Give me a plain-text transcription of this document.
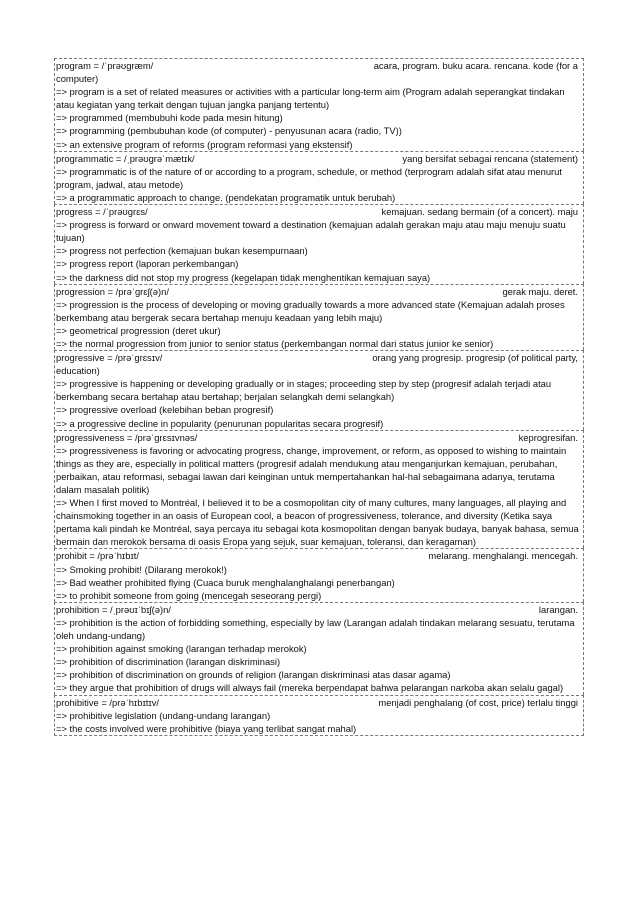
program = /ˈprəʊɡræm/	acara, program. buku acara. rencana. kode (for a
computer)
=> program is a set of related measures or activities with a particular long-term aim (Program adalah seperangkat tindakan atau kegiatan yang terkait dengan tujuan jangka panjang tertentu)
=> programmed (membubuhi kode pada mesin hitung)
=> programming (pembubuhan kode (of computer) - penyusunan acara (radio, TV))
=> an extensive program of reforms (program reformasi yang ekstensif)
programmatic = /ˌprəʊɡrəˈmætɪk/	yang bersifat sebagai rencana (statement)
=> programmatic is of the nature of or according to a program, schedule, or method (terprogram adalah sifat atau menurut program, jadwal, atau metode)
=> a programmatic approach to change. (pendekatan programatik untuk berubah)
progress = /ˈprəʊɡrɛs/	kemajuan. sedang bermain (of a concert). maju
=> progress is forward or onward movement toward a destination (kemajuan adalah gerakan maju atau maju menuju suatu tujuan)
=> progress not perfection (kemajuan bukan kesempurnaan)
=> progress report (laporan perkembangan)
=> the darkness did not stop my progress (kegelapan tidak menghentikan kemajuan saya)
progression = /prəˈɡrɛʃ(ə)n/	gerak maju. deret.
=> progression is the process of developing or moving gradually towards a more advanced state (Kemajuan adalah proses berkembang atau bergerak secara bertahap menuju keadaan yang lebih maju)
=> geometrical progression (deret ukur)
=> the normal progression from junior to senior status (perkembangan normal dari status junior ke senior)
progressive = /prəˈɡrɛsɪv/	orang yang progresip. progresip (of political party,
education)
=> progressive is happening or developing gradually or in stages; proceeding step by step (progresif adalah terjadi atau berkembang secara bertahap atau bertahap; berjalan selangkah demi selangkah)
=> progressive overload (kelebihan beban progresif)
=> a progressive decline in popularity (penurunan popularitas secara progresif)
progressiveness = /prəˈɡrɛsɪvnəs/	keprogresifan.
=> progressiveness is favoring or advocating progress, change, improvement, or reform, as opposed to wishing to maintain things as they are, especially in political matters (progresif adalah mendukung atau menganjurkan kemajuan, perubahan, perbaikan, atau reformasi, sebagai lawan dari keinginan untuk mempertahankan hal-hal sebagaimana adanya, terutama dalam masalah politik)
=> When I first moved to Montréal, I believed it to be a cosmopolitan city of many cultures, many languages, all playing and chainsmoking together in an oasis of European cool, a beacon of progressiveness, tolerance, and diversity (Ketika saya pertama kali pindah ke Montréal, saya percaya itu sebagai kota kosmopolitan dengan banyak budaya, banyak bahasa, semua bermain dan merokok bersama di oasis Eropa yang sejuk, suar kemajuan, toleransi, dan keragaman)
prohibit = /prəˈhɪbɪt/	melarang. menghalangi. mencegah.
=> Smoking prohibit! (Dilarang merokok!)
=> Bad weather prohibited flying (Cuaca buruk menghalanghalangi penerbangan)
=> to prohibit someone from going (mencegah seseorang pergi)
prohibition = /ˌprəʊɪˈbɪʃ(ə)n/	larangan.
=> prohibition is the action of forbidding something, especially by law (Larangan adalah tindakan melarang sesuatu, terutama oleh undang-undang)
=> prohibition against smoking (larangan terhadap merokok)
=> prohibition of discrimination (larangan diskriminasi)
=> prohibition of discrimination on grounds of religion (larangan diskriminasi atas dasar agama)
=> they argue that prohibition of drugs will always fail (mereka berpendapat bahwa pelarangan narkoba akan selalu gagal)
prohibitive = /prəˈhɪbɪtɪv/	menjadi penghalang (of cost, price) terlalu tinggi
=> prohibitive legislation (undang-undang larangan)
=> the costs involved were prohibitive (biaya yang terlibat sangat mahal)
